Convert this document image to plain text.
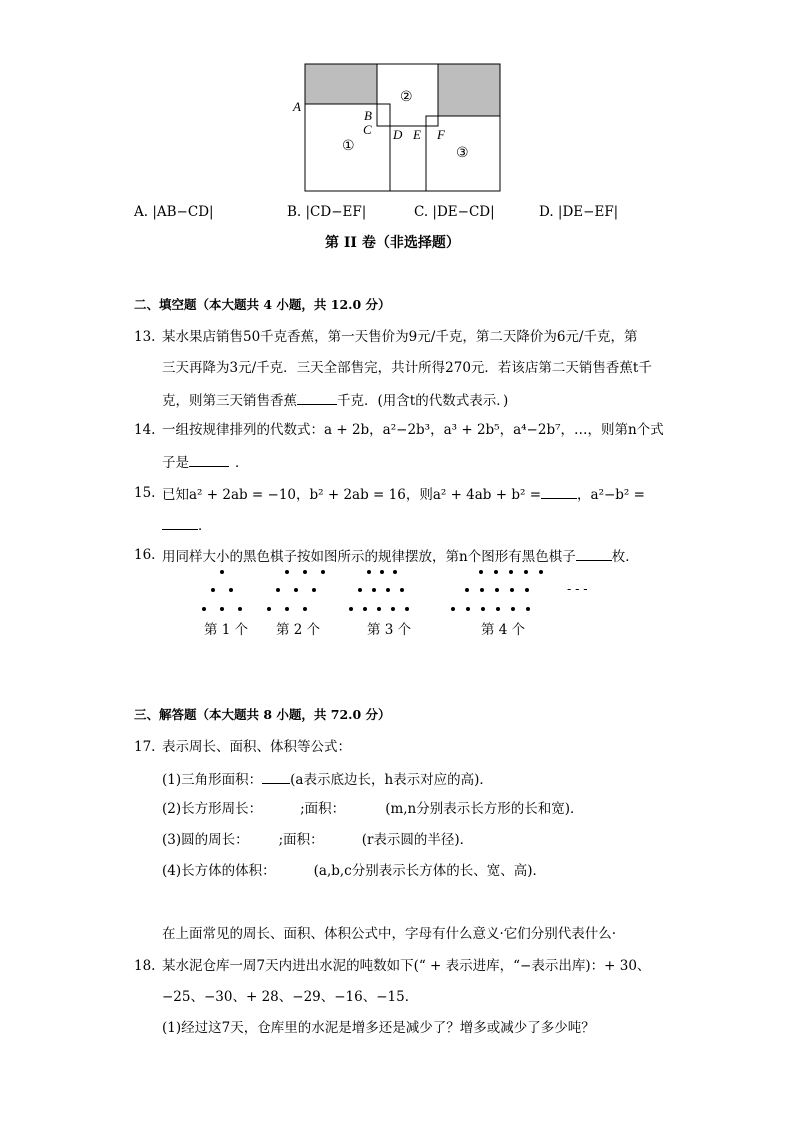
A
B
C D E F
①
②
③
A. |AB−CD|	B. |CD−EF|	C. |DE−CD|	D. |DE−EF|
第 II 卷（非选择题）
二、填空题（本大题共 4 小题，共 12.0 分）
13. 某水果店销售50千克香蕉，第一天售价为9元/千克，第二天降价为6元/千克，第
三天再降为3元/千克．三天全部售完，共计所得270元．若该店第二天销售香蕉t千
克，则第三天销售香蕉	千克．(用含t的代数式表示．)
14. 一组按规律排列的代数式：a + 2b，a²−2b³，a³ + 2b⁵，a⁴−2b⁷，…，则第n个式
子是	．
15. 已知a² + 2ab = −10，b² + 2ab = 16，则a² + 4ab + b² =	，a²−b² =
．
16. 用同样大小的黑色棋子按如图所示的规律摆放，第n个图形有黑色棋子	枚．
- - -
第 1 个 第 2 个	第 3 个	第 4 个
三、解答题（本大题共 8 小题，共 72.0 分）
17. 表示周长、面积、体积等公式：
(1)三角形面积： (a表示底边长，h表示对应的高)．
(2)长方形周长：	;面积：	(m,n分别表示长方形的长和宽)．
(3)圆的周长： ;面积：	(r表示圆的半径)．
(4)长方体的体积：	(a,b,c分别表示长方体的长、宽、高)．
在上面常见的周长、面积、体积公式中，字母有什么意义·它们分别代表什么·
18. 某水泥仓库一周7天内进出水泥的吨数如下(“ + 表示进库，“−表示出库)：+ 30、
−25、−30、+ 28、−29、−16、−15．
(1)经过这7天，仓库里的水泥是增多还是减少了？增多或减少了多少吨？
